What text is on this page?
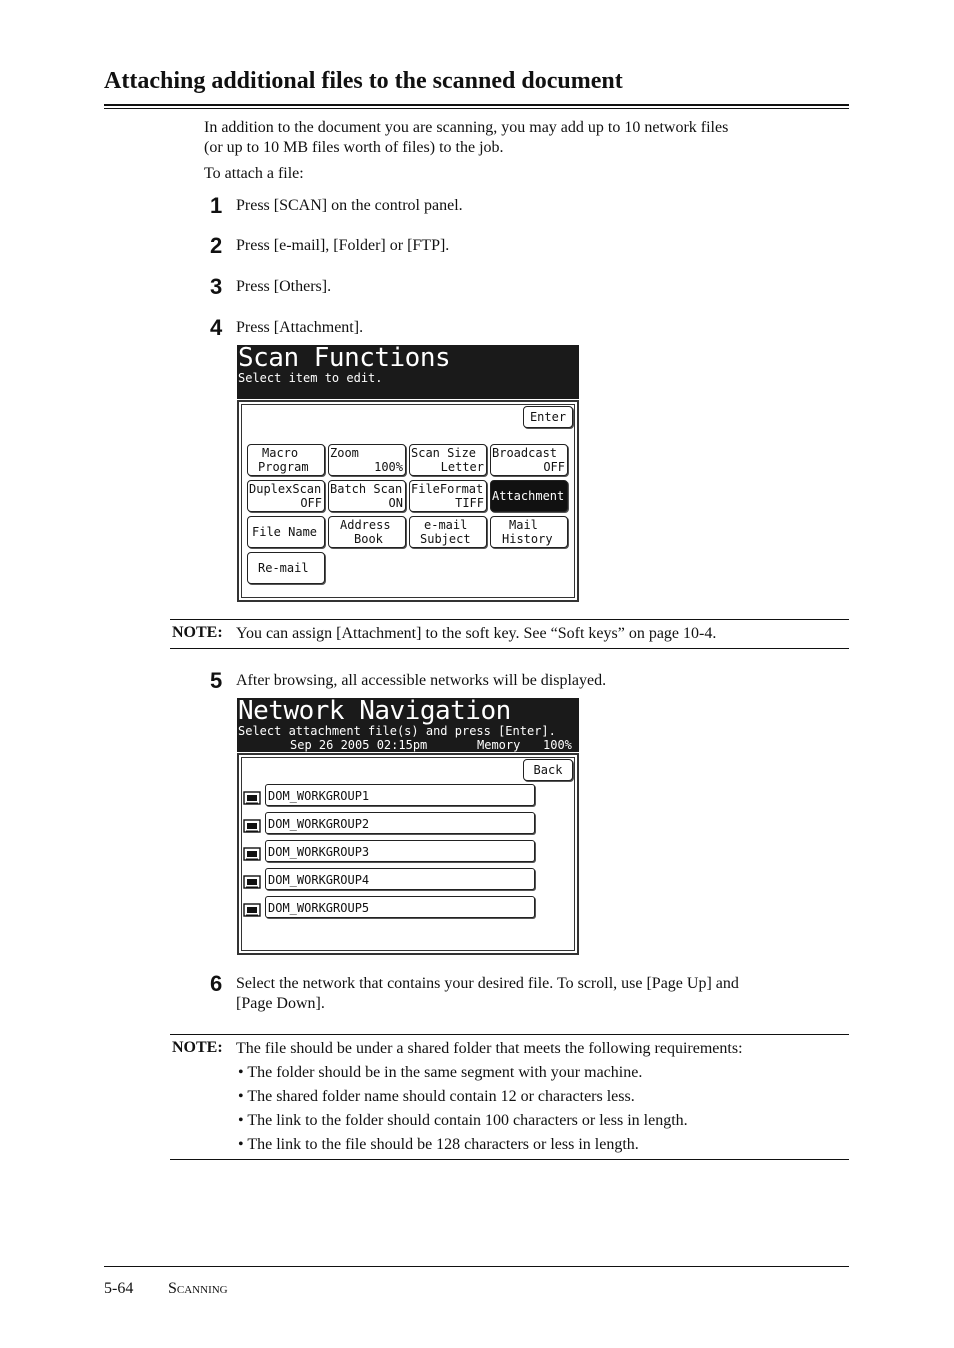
Attaching additional files to the scanned document
In addition to the document you are scanning, you may add up to 10 network files
(or up to 10 MB files worth of files) to the job.
To attach a file:
1 Press [SCAN] on the control panel.
2 Press [e-mail], [Folder] or [FTP].
3 Press [Others].
4 Press [Attachment].
Scan Functions
Select item to edit.
Enter
Macro
Program
Zoom
100%
Scan Size
Letter
Broadcast
OFF
DuplexScan
OFF
Batch Scan
ON
FileFormat
TIFF Attachment
File Name Address
Book
e-mail
Subject
Mail
History
Re-mail
NOTE: You can assign [Attachment] to the soft key. See “Soft keys” on page 10-4.
5 After browsing, all accessible networks will be displayed.
Network Navigation
Select attachment file(s) and press [Enter].
Sep 26 2005 02:15pm	Memory 100%
Back
DOM_WORKGROUP1
DOM_WORKGROUP2
DOM_WORKGROUP3
DOM_WORKGROUP4
DOM_WORKGROUP5
6 Select the network that contains your desired file. To scroll, use [Page Up] and
[Page Down].
NOTE: The file should be under a shared folder that meets the following requirements:
• The folder should be in the same segment with your machine.
• The shared folder name should contain 12 or characters less.
• The link to the folder should contain 100 characters or less in length.
• The link to the file should be 128 characters or less in length.
5-64 Scanning
